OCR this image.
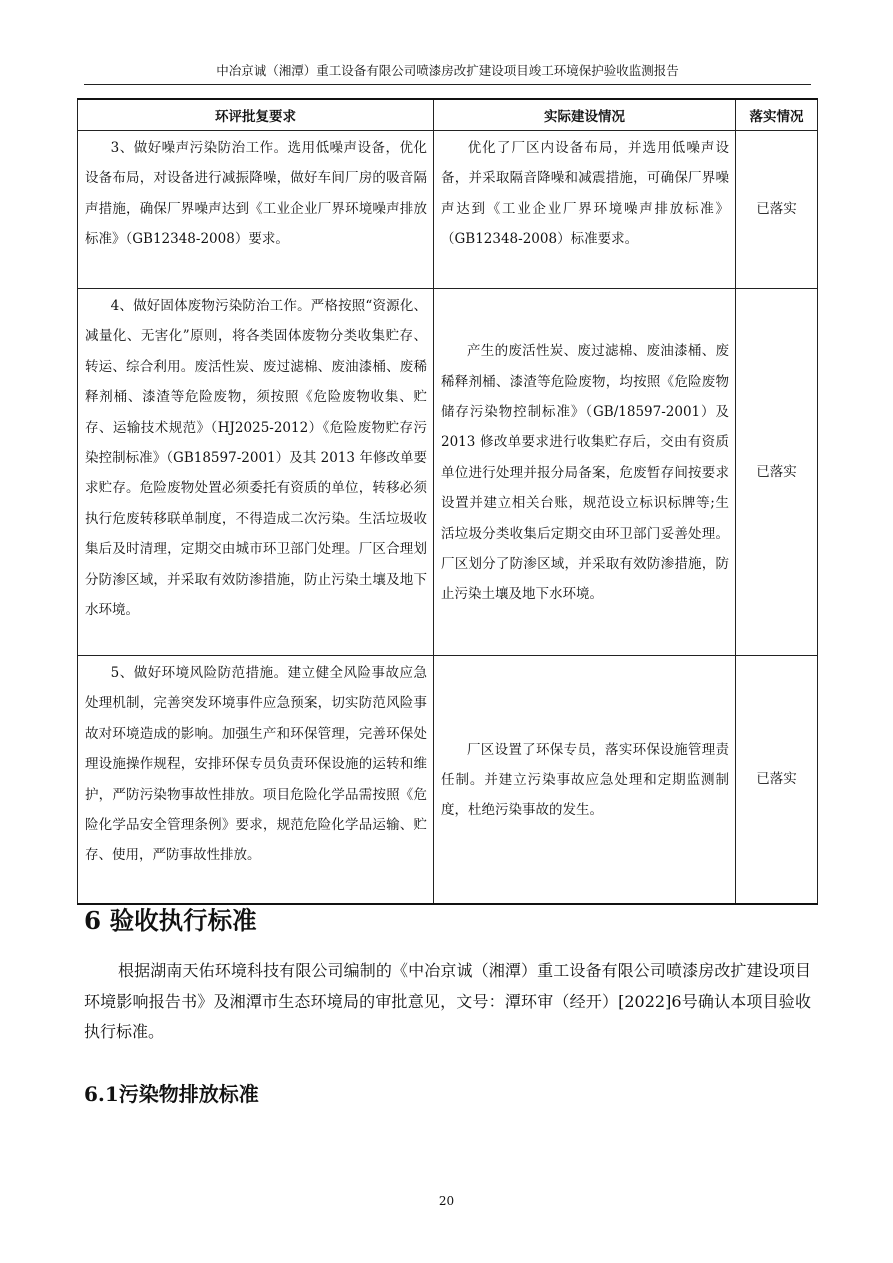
中冶京诚（湘潭）重工设备有限公司喷漆房改扩建设项目竣工环境保护验收监测报告
环评批复要求	实际建设情况	落实情况
3、做好噪声污染防治工作。选用低噪声设备，优化设备布局，对设备进行减振降噪，做好车间厂房的吸音隔声措施，确保厂界噪声达到《工业企业厂界环境噪声排放标准》（GB12348-2008）要求。	优化了厂区内设备布局，并选用低噪声设备，并采取隔音降噪和减震措施，可确保厂界噪声达到《工业企业厂界环境噪声排放标准》（GB12348-2008）标准要求。	已落实
4、做好固体废物污染防治工作。严格按照“资源化、减量化、无害化”原则，将各类固体废物分类收集贮存、转运、综合利用。废活性炭、废过滤棉、废油漆桶、废稀释剂桶、漆渣等危险废物，须按照《危险废物收集、贮存、运输技术规范》（HJ2025-2012）《危险废物贮存污染控制标准》（GB18597-2001）及其 2013 年修改单要求贮存。危险废物处置必须委托有资质的单位，转移必须执行危废转移联单制度，不得造成二次污染。生活垃圾收集后及时清理，定期交由城市环卫部门处理。厂区合理划分防渗区域，并采取有效防渗措施，防止污染土壤及地下水环境。	产生的废活性炭、废过滤棉、废油漆桶、废稀释剂桶、漆渣等危险废物，均按照《危险废物储存污染物控制标准》（GB/18597-2001）及 2013 修改单要求进行收集贮存后，交由有资质单位进行处理并报分局备案，危废暂存间按要求设置并建立相关台账，规范设立标识标牌等;生活垃圾分类收集后定期交由环卫部门妥善处理。厂区划分了防渗区域，并采取有效防渗措施，防止污染土壤及地下水环境。	已落实
5、做好环境风险防范措施。建立健全风险事故应急处理机制，完善突发环境事件应急预案，切实防范风险事故对环境造成的影响。加强生产和环保管理，完善环保处理设施操作规程，安排环保专员负责环保设施的运转和维护，严防污染物事故性排放。项目危险化学品需按照《危险化学品安全管理条例》要求，规范危险化学品运输、贮存、使用，严防事故性排放。	厂区设置了环保专员，落实环保设施管理责任制。并建立污染事故应急处理和定期监测制度，杜绝污染事故的发生。	已落实
6 验收执行标准
根据湖南天佑环境科技有限公司编制的《中冶京诚（湘潭）重工设备有限公司喷漆房改扩建设项目环境影响报告书》及湘潭市生态环境局的审批意见，文号：潭环审（经开）[2022]6号确认本项目验收执行标准。
6.1污染物排放标准
20
